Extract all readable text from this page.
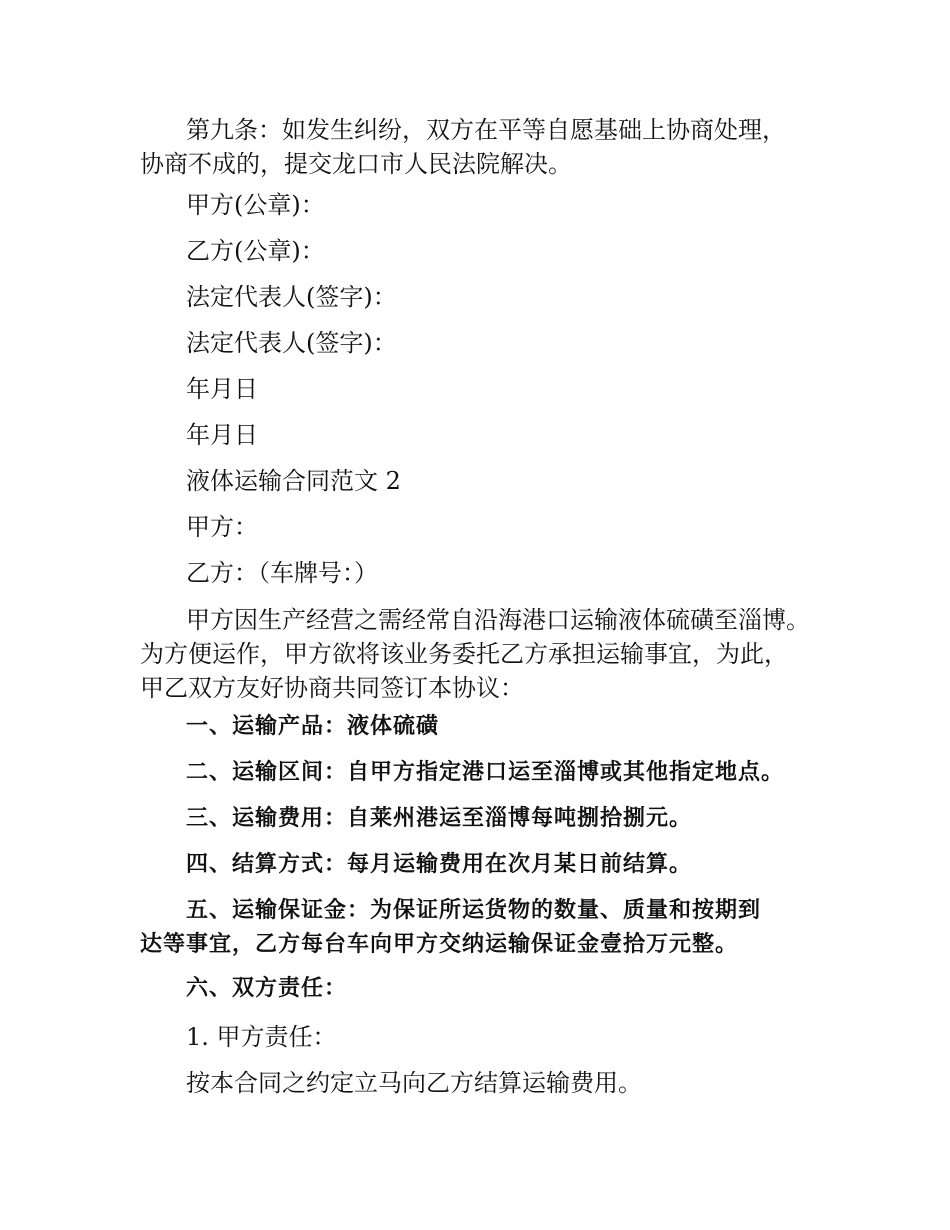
第九条：如发生纠纷，双方在平等自愿基础上协商处理，
协商不成的，提交龙口市人民法院解决。

甲方(公章)：

乙方(公章)：

法定代表人(签字)：

法定代表人(签字)：

年月日

年月日

液体运输合同范文 2

甲方：

乙方：（车牌号：）

甲方因生产经营之需经常自沿海港口运输液体硫磺至淄博。
为方便运作，甲方欲将该业务委托乙方承担运输事宜，为此，
甲乙双方友好协商共同签订本协议：

一、运输产品：液体硫磺

二、运输区间：自甲方指定港口运至淄博或其他指定地点。

三、运输费用：自莱州港运至淄博每吨捌拾捌元。

四、结算方式：每月运输费用在次月某日前结算。

五、运输保证金：为保证所运货物的数量、质量和按期到
达等事宜，乙方每台车向甲方交纳运输保证金壹拾万元整。

六、双方责任：

1. 甲方责任：

按本合同之约定立马向乙方结算运输费用。
